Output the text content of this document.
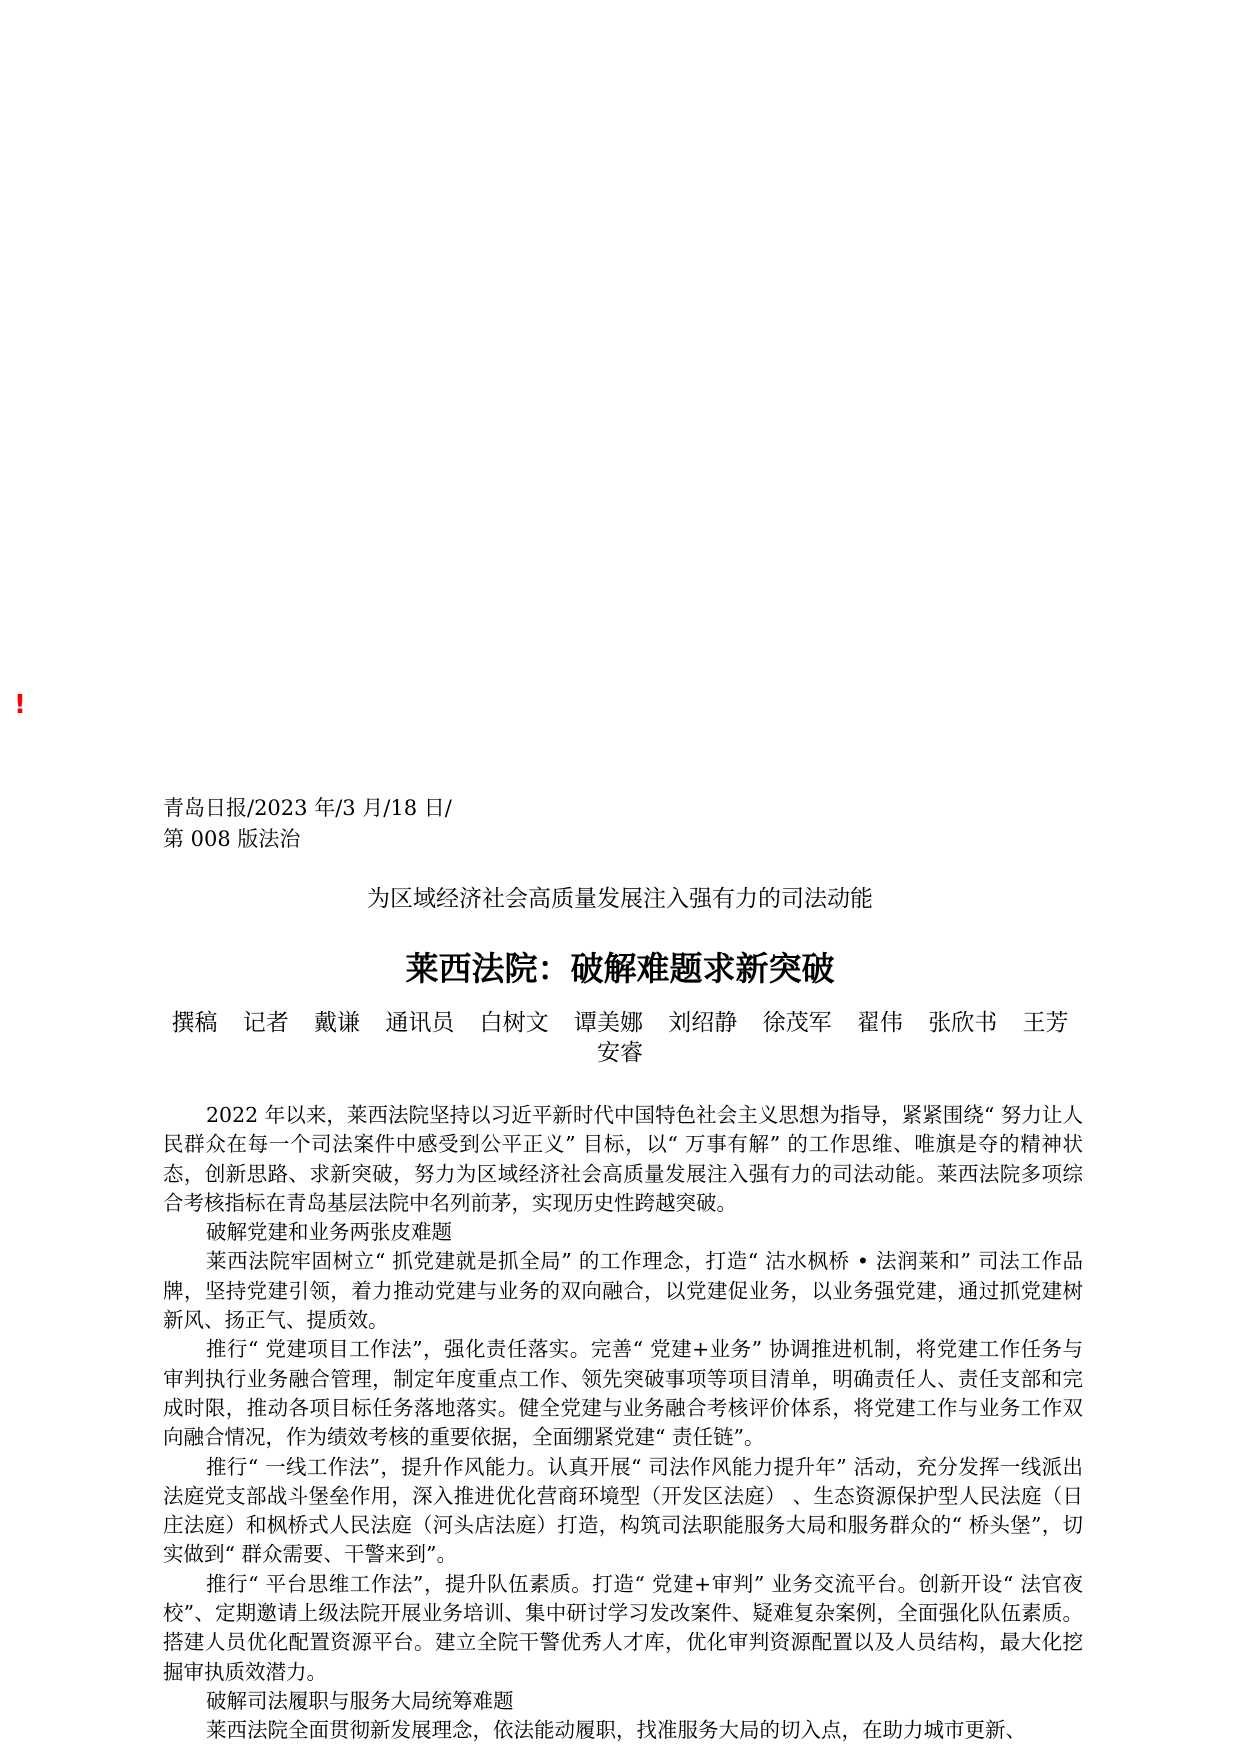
!
青岛日报/2023 年/3 月/18 日/第 008 版法治
为区域经济社会高质量发展注入强有力的司法动能
莱西法院：破解难题求新突破
撰稿 记者 戴谦 通讯员 白树文 谭美娜 刘绍静 徐茂军 翟伟 张欣书 王芳 安睿

2022 年以来，莱西法院坚持以习近平新时代中国特色社会主义思想为指导，紧紧围绕“ 努力让人民群众在每一个司法案件中感受到公平正义” 目标，以“ 万事有解” 的工作思维、唯旗是夺的精神状态，创新思路、求新突破，努力为区域经济社会高质量发展注入强有力的司法动能。莱西法院多项综合考核指标在青岛基层法院中名列前茅，实现历史性跨越突破。

破解党建和业务两张皮难题

莱西法院牢固树立“ 抓党建就是抓全局” 的工作理念，打造“ 沽水枫桥 • 法润莱和” 司法工作品牌，坚持党建引领，着力推动党建与业务的双向融合，以党建促业务，以业务强党建，通过抓党建树新风、扬正气、提质效。

推行“ 党建项目工作法”，强化责任落实。完善“ 党建+业务” 协调推进机制，将党建工作任务与审判执行业务融合管理，制定年度重点工作、领先突破事项等项目清单，明确责任人、责任支部和完成时限，推动各项目标任务落地落实。健全党建与业务融合考核评价体系，将党建工作与业务工作双向融合情况，作为绩效考核的重要依据，全面绷紧党建“ 责任链”。

推行“ 一线工作法”，提升作风能力。认真开展“ 司法作风能力提升年” 活动，充分发挥一线派出法庭党支部战斗堡垒作用，深入推进优化营商环境型（开发区法庭） 、生态资源保护型人民法庭（日庄法庭）和枫桥式人民法庭（河头店法庭）打造，构筑司法职能服务大局和服务群众的“ 桥头堡”，切实做到“ 群众需要、干警来到”。

推行“ 平台思维工作法”，提升队伍素质。打造“ 党建+审判” 业务交流平台。创新开设“ 法官夜校”、定期邀请上级法院开展业务培训、集中研讨学习发改案件、疑难复杂案例，全面强化队伍素质。搭建人员优化配置资源平台。建立全院干警优秀人才库，优化审判资源配置以及人员结构，最大化挖掘审执质效潜力。

破解司法履职与服务大局统筹难题

莱西法院全面贯彻新发展理念，依法能动履职，找准服务大局的切入点，在助力城市更新、
